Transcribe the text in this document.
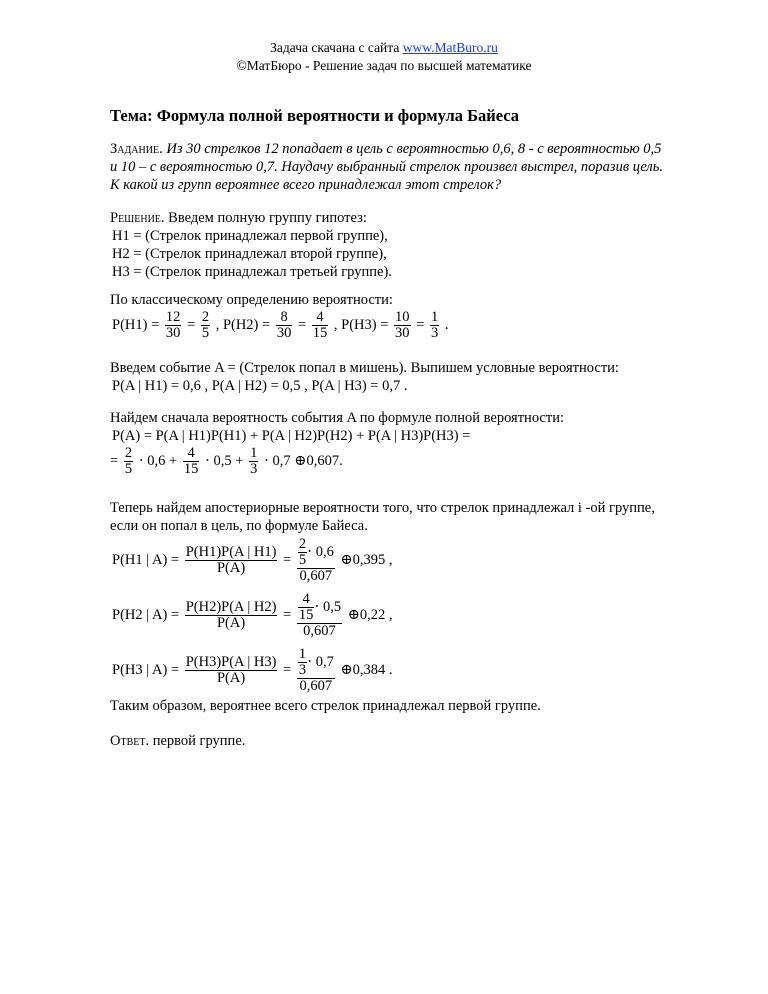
Задача скачана с сайта www.MatBuro.ru
©МатБюро - Решение задач по высшей математике
Тема: Формула полной вероятности и формула Байеса
Задание. Из 30 стрелков 12 попадает в цель с вероятностью 0,6, 8 - с вероятностью 0,5
и 10 – с вероятностью 0,7. Наудачу выбранный стрелок произвел выстрел, поразив цель.
К какой из групп вероятнее всего принадлежал этот стрелок?
Решение. Введем полную группу гипотез:
H1 = (Стрелок принадлежал первой группе),
H2 = (Стрелок принадлежал второй группе),
H3 = (Стрелок принадлежал третьей группе).
По классическому определению вероятности:
$P(H1) = \frac{12}{30} = \frac{2}{5}$ , $P(H2) = \frac{8}{30} = \frac{4}{15}$ , $P(H3) = \frac{10}{30} = \frac{1}{3}$ .
Введем событие A = (Стрелок попал в мишень). Выпишем условные вероятности:
P(A | H1) = 0,6 , P(A | H2) = 0,5 , P(A | H3) = 0,7 .
Найдем сначала вероятность события A по формуле полной вероятности:
P(A) = P(A | H1)P(H1) + P(A | H2)P(H2) + P(A | H3)P(H3) =
= $\frac{2}{5} \cdot 0,6 + \frac{4}{15} \cdot 0,5 + \frac{1}{3} \cdot 0,7$ ⊕0,607.
Теперь найдем апостериорные вероятности того, что стрелок принадлежал i -ой группе,
если он попал в цель, по формуле Байеса.
P(H1 | $A) = \frac{P(H1)P(A | H1)}{P(A)} = \frac{\frac{2}{5} \cdot 0,6}{0,607}$ ⊕0,395 ,
P(H2 | $A) = \frac{P(H2)P(A | H2)}{P(A)} = \frac{\frac{4}{15} \cdot 0,5}{0,607}$ ⊕0,22 ,
P(H3 | $A) = \frac{P(H3)P(A | H3)}{P(A)} = \frac{\frac{1}{3} \cdot 0,7}{0,607}$ ⊕0,384 .
Таким образом, вероятнее всего стрелок принадлежал первой группе.
Ответ. первой группе.
